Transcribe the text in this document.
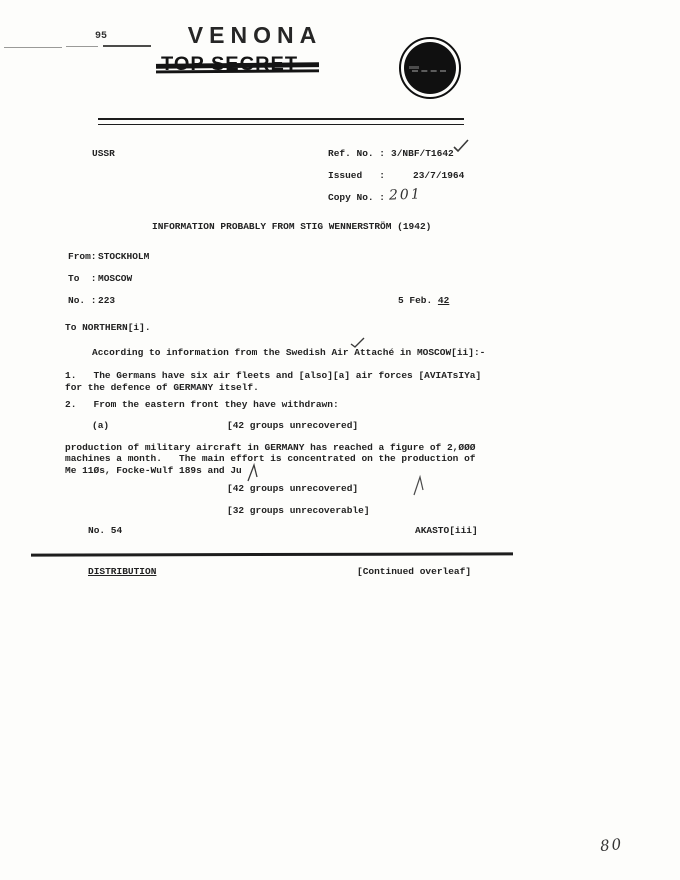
95	VENONA
USSR	Ref. No. : 3/NBF/T1642
Issued   :	23/7/1964
Copy No. : 201
INFORMATION PROBABLY FROM STIG WENNERSTRÖM (1942)
From: STOCKHOLM
To  : MOSCOW
No. : 223	5 Feb. 42
To NORTHERN[i].
According to information from the Swedish Air Attaché in MOSCOW[ii]:-
1.   The Germans have six air fleets and [also][a] air forces [AVIATsIYa]
for the defence of GERMANY itself.
2.   From the eastern front they have withdrawn:
(a)	[42 groups unrecovered]
production of military aircraft in GERMANY has reached a figure of 2,ØØØ
machines a month.   The main effort is concentrated on the production of
Me 11Øs, Focke-Wulf 189s and Ju
[42 groups unrecovered]
[32 groups unrecoverable]
No. 54	AKASTO[iii]
DISTRIBUTION	[Continued overleaf]
80
